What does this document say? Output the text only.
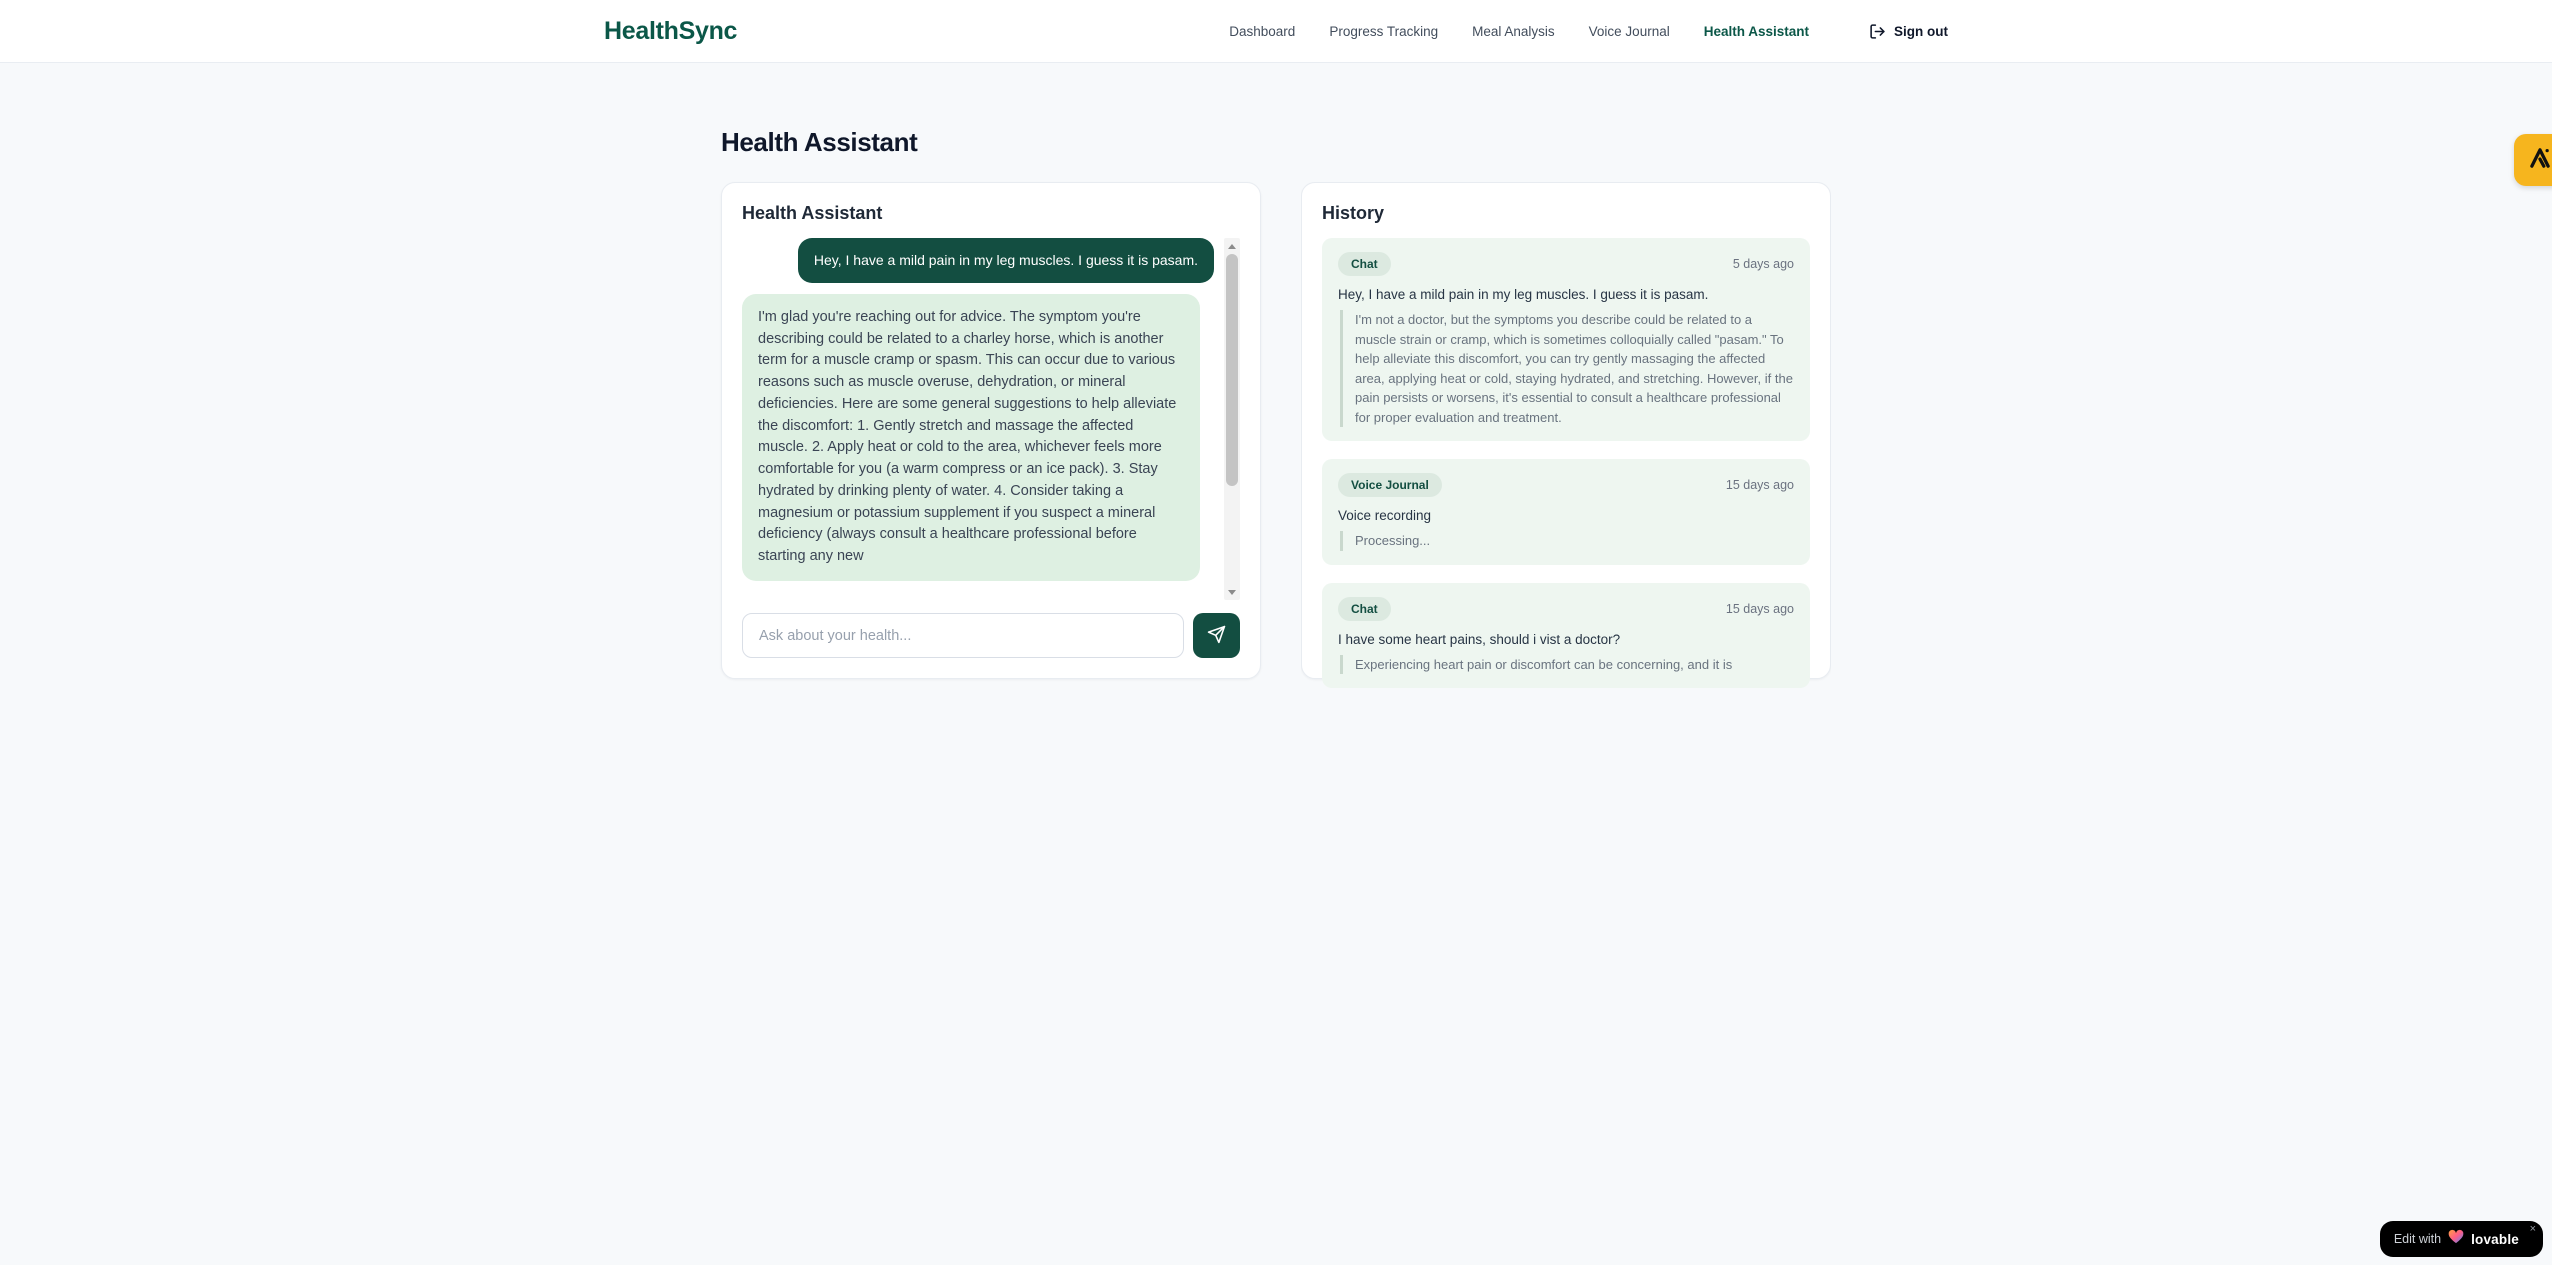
HealthSync	Dashboard	Progress Tracking	Meal Analysis	Voice Journal	Health Assistant	Sign out
Health Assistant
Health Assistant
Hey, I have a mild pain in my leg muscles. I guess it is pasam.
I'm glad you're reaching out for advice. The symptom you're describing could be related to a charley horse, which is another term for a muscle cramp or spasm. This can occur due to various reasons such as muscle overuse, dehydration, or mineral deficiencies. Here are some general suggestions to help alleviate the discomfort: 1. Gently stretch and massage the affected muscle. 2. Apply heat or cold to the area, whichever feels more comfortable for you (a warm compress or an ice pack). 3. Stay hydrated by drinking plenty of water. 4. Consider taking a magnesium or potassium supplement if you suspect a mineral deficiency (always consult a healthcare professional before starting any new
Ask about your health...
History
Chat	5 days ago
Hey, I have a mild pain in my leg muscles. I guess it is pasam.
I'm not a doctor, but the symptoms you describe could be related to a muscle strain or cramp, which is sometimes colloquially called "pasam." To help alleviate this discomfort, you can try gently massaging the affected area, applying heat or cold, staying hydrated, and stretching. However, if the pain persists or worsens, it's essential to consult a healthcare professional for proper evaluation and treatment.
Voice Journal	15 days ago
Voice recording
Processing...
Chat	15 days ago
I have some heart pains, should i vist a doctor?
Experiencing heart pain or discomfort can be concerning, and it is
Edit with lovable
×
